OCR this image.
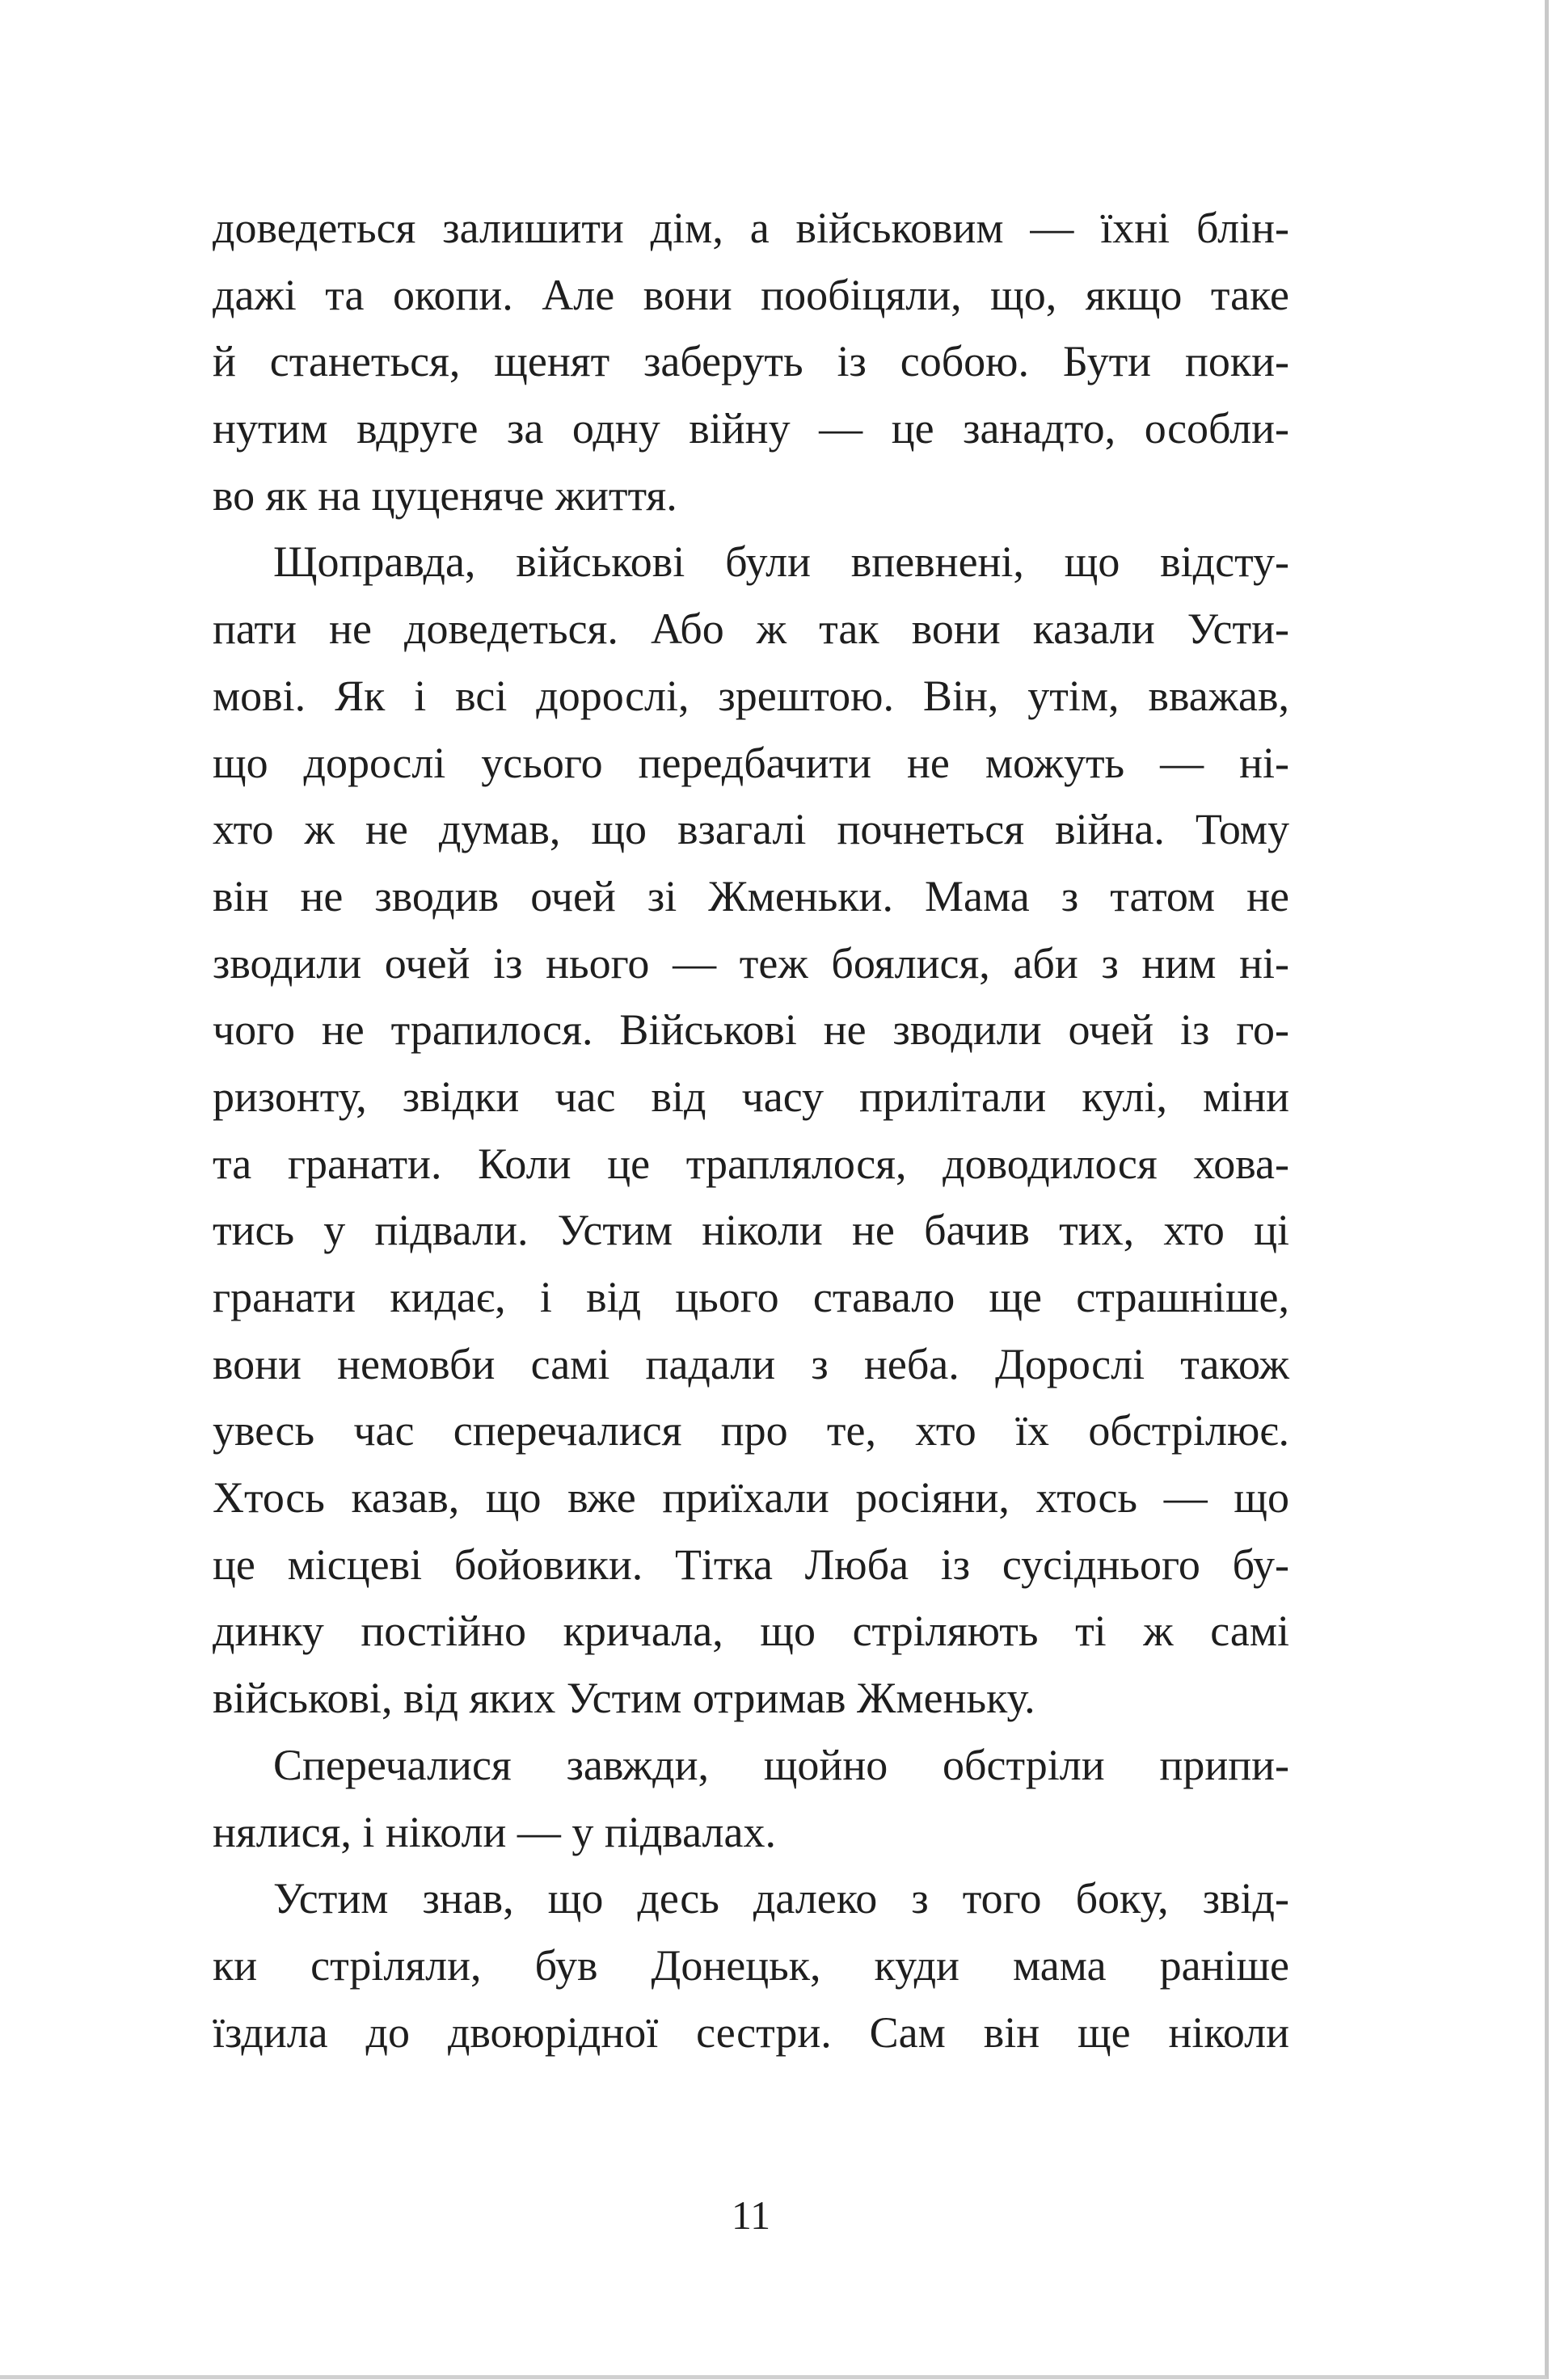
доведеться залишити дім, а військовим — їхні блін-
дажі та окопи. Але вони пообіцяли, що, якщо таке
й станеться, щенят заберуть із собою. Бути поки-
нутим вдруге за одну війну — це занадто, особли-
во як на цуценяче життя.
Щоправда, військові були впевнені, що відсту-
пати не доведеться. Або ж так вони казали Усти-
мові. Як і всі дорослі, зрештою. Він, утім, вважав,
що дорослі усього передбачити не можуть — ні-
хто ж не думав, що взагалі почнеться війна. Тому
він не зводив очей зі Жменьки. Мама з татом не
зводили очей із нього — теж боялися, аби з ним ні-
чого не трапилося. Військові не зводили очей із го-
ризонту, звідки час від часу прилітали кулі, міни
та гранати. Коли це траплялося, доводилося хова-
тись у підвали. Устим ніколи не бачив тих, хто ці
гранати кидає, і від цього ставало ще страшніше,
вони немовби самі падали з неба. Дорослі також
увесь час сперечалися про те, хто їх обстрілює.
Хтось казав, що вже приїхали росіяни, хтось — що
це місцеві бойовики. Тітка Люба із сусіднього бу-
динку постійно кричала, що стріляють ті ж самі
військові, від яких Устим отримав Жменьку.
Сперечалися завжди, щойно обстріли припи-
нялися, і ніколи — у підвалах.
Устим знав, що десь далеко з того боку, звід-
ки стріляли, був Донецьк, куди мама раніше
їздила до двоюрідної сестри. Сам він ще ніколи
11
